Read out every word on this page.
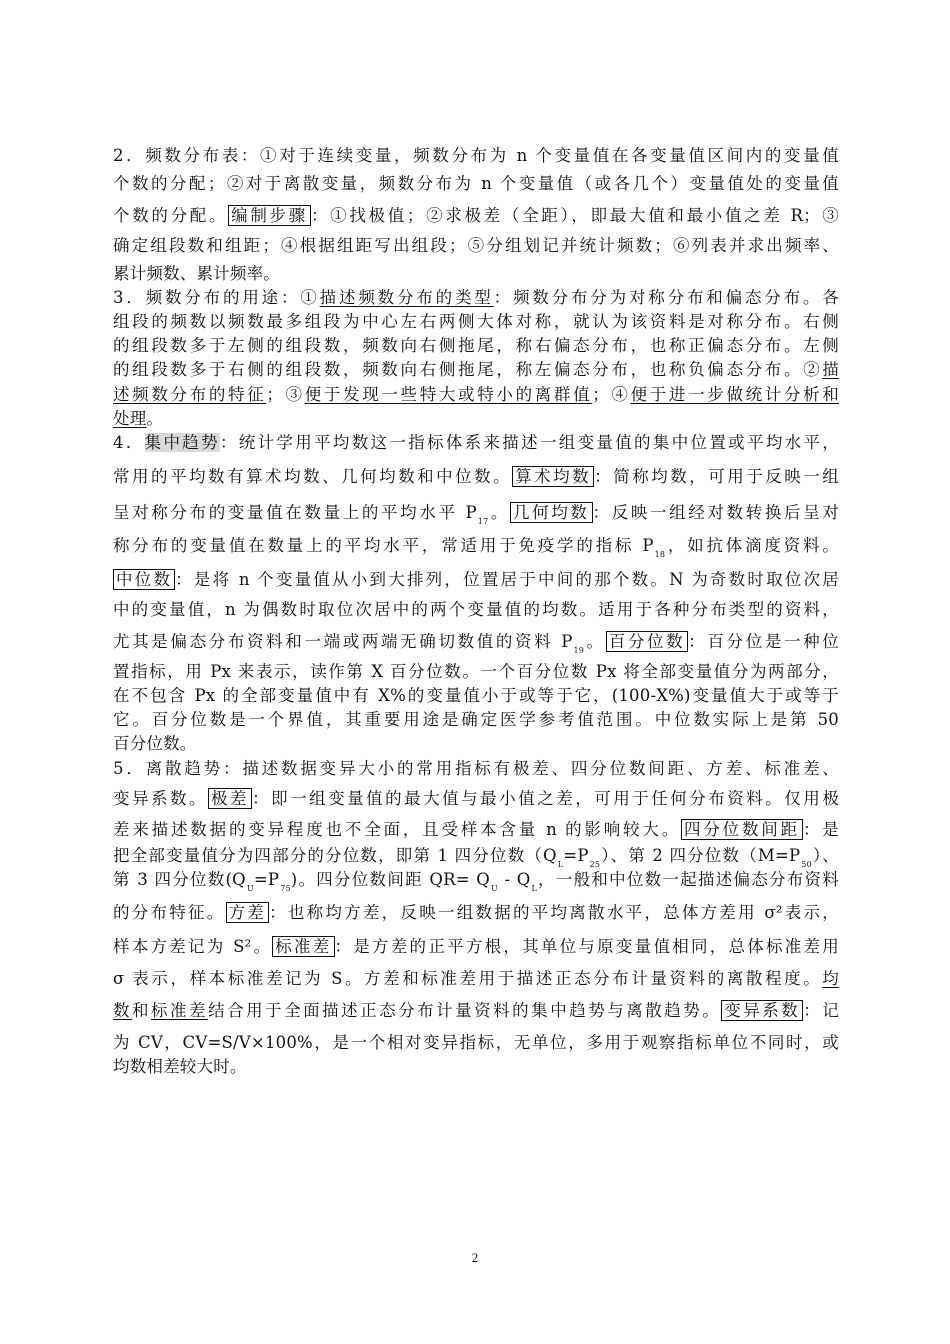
2．频数分布表：①对于连续变量，频数分布为 n 个变量值在各变量值区间内的变量值
个数的分配；②对于离散变量，频数分布为 n 个变量值（或各几个）变量值处的变量值
个数的分配。 编制步骤 ：①找极值；②求极差（全距），即最大值和最小值之差 R；③
确定组段数和组距；④根据组距写出组段；⑤分组划记并统计频数；⑥列表并求出频率、
累计频数、累计频率。
3．频数分布的用途：①描述频数分布的类型：频数分布分为对称分布和偏态分布。各
组段的频数以频数最多组段为中心左右两侧大体对称，就认为该资料是对称分布。右侧
的组段数多于左侧的组段数，频数向右侧拖尾，称右偏态分布，也称正偏态分布。左侧
的组段数多于右侧的组段数，频数向右侧拖尾，称左偏态分布，也称负偏态分布。②描
述频数分布的特征；③便于发现一些特大或特小的离群值；④便于进一步做统计分析和
处理。
4．集中趋势：统计学用平均数这一指标体系来描述一组变量值的集中位置或平均水平，
常用的平均数有算术均数、几何均数和中位数。 算术均数 ：简称均数，可用于反映一组
呈对称分布的变量值在数量上的平均水平 $P_{17}$。 几何均数 ：反映一组经对数转换后呈对
称分布的变量值在数量上的平均水平，常适用于免疫学的指标 $P_{18}$，如抗体滴度资料。
中位数 ：是将 n 个变量值从小到大排列，位置居于中间的那个数。N 为奇数时取位次居
中的变量值，n 为偶数时取位次居中的两个变量值的均数。适用于各种分布类型的资料，
尤其是偏态分布资料和一端或两端无确切数值的资料 $P_{19}$。 百分位数 ：百分位是一种位
置指标，用 Px 来表示，读作第 X 百分位数。一个百分位数 Px 将全部变量值分为两部分，
在不包含 Px 的全部变量值中有 X%的变量值小于或等于它，(100-X%)变量值大于或等于
它。百分位数是一个界值，其重要用途是确定医学参考值范围。中位数实际上是第 50
百分位数。
5．离散趋势：描述数据变异大小的常用指标有极差、四分位数间距、方差、标准差、
变异系数。 极差 ：即一组变量值的最大值与最小值之差，可用于任何分布资料。仅用极
差来描述数据的变异程度也不全面，且受样本含量 n 的影响较大。 四分位数间距 ：是
把全部变量值分为四部分的分位数，即第 1 四分位数$(Q_L=P_{25})$、第 2 四分位数$(M=P_{50})$、
第 3 四分位数$(Q_U=P_{75})$。四分位数间距 $QR= Q_U - Q_L$，一般和中位数一起描述偏态分布资料
的分布特征。 方差 ：也称均方差，反映一组数据的平均离散水平，总体方差用 σ²表示，
样本方差记为 S²。 标准差 ：是方差的正平方根，其单位与原变量值相同，总体标准差用
σ 表示，样本标准差记为 S。方差和标准差用于描述正态分布计量资料的离散程度。均
数和标准差结合用于全面描述正态分布计量资料的集中趋势与离散趋势。 变异系数 ：记
为 CV，CV=S/V×100%，是一个相对变异指标，无单位，多用于观察指标单位不同时，或
均数相差较大时。
2
